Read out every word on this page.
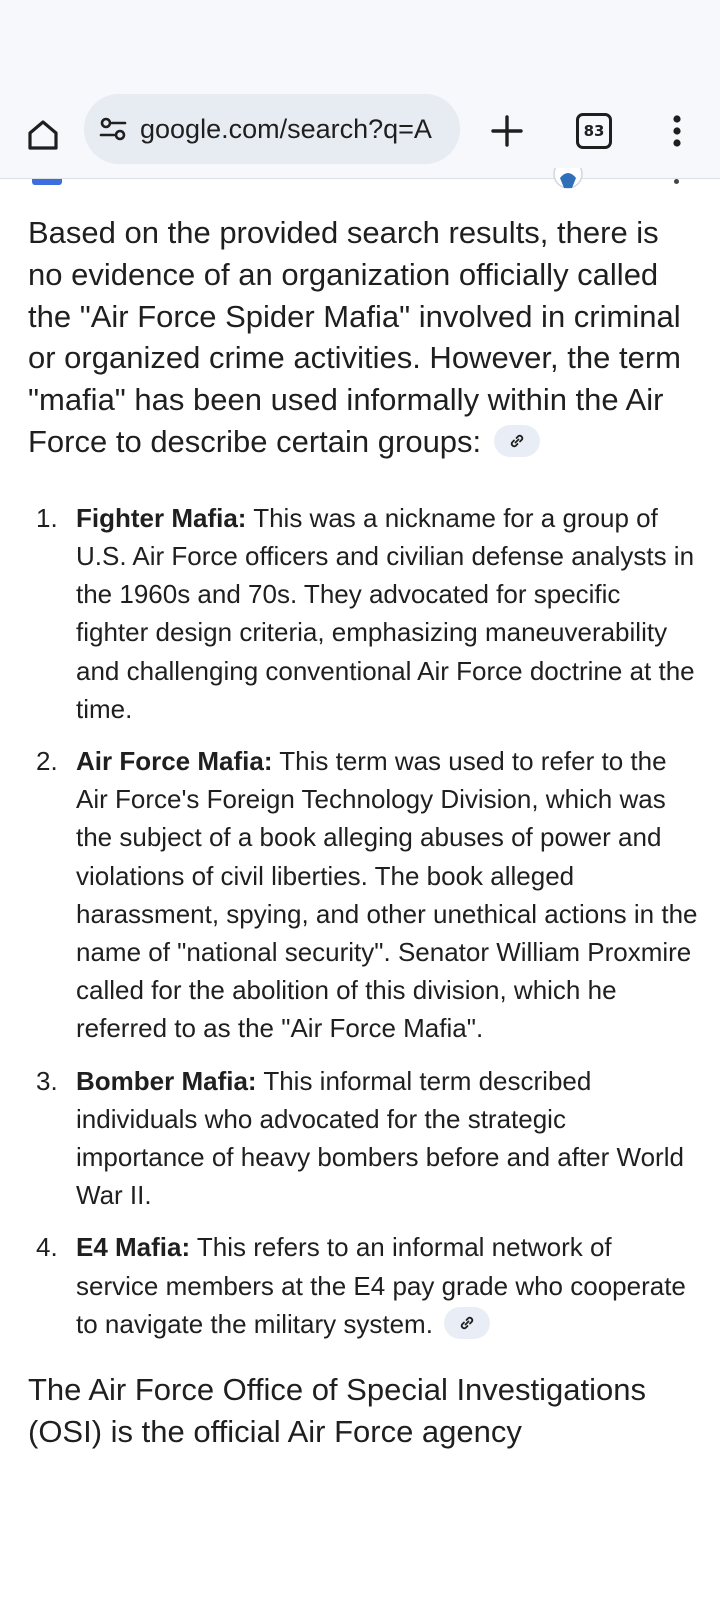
google.com/search?q=A	83

Based on the provided search results, there is no evidence of an organization officially called the "Air Force Spider Mafia" involved in criminal or organized crime activities. However, the term "mafia" has been used informally within the Air Force to describe certain groups:

1. Fighter Mafia: This was a nickname for a group of U.S. Air Force officers and civilian defense analysts in the 1960s and 70s. They advocated for specific fighter design criteria, emphasizing maneuverability and challenging conventional Air Force doctrine at the time.
2. Air Force Mafia: This term was used to refer to the Air Force's Foreign Technology Division, which was the subject of a book alleging abuses of power and violations of civil liberties. The book alleged harassment, spying, and other unethical actions in the name of "national security". Senator William Proxmire called for the abolition of this division, which he referred to as the "Air Force Mafia".
3. Bomber Mafia: This informal term described individuals who advocated for the strategic importance of heavy bombers before and after World War II.
4. E4 Mafia: This refers to an informal network of service members at the E4 pay grade who cooperate to navigate the military system.

The Air Force Office of Special Investigations (OSI) is the official Air Force agency
